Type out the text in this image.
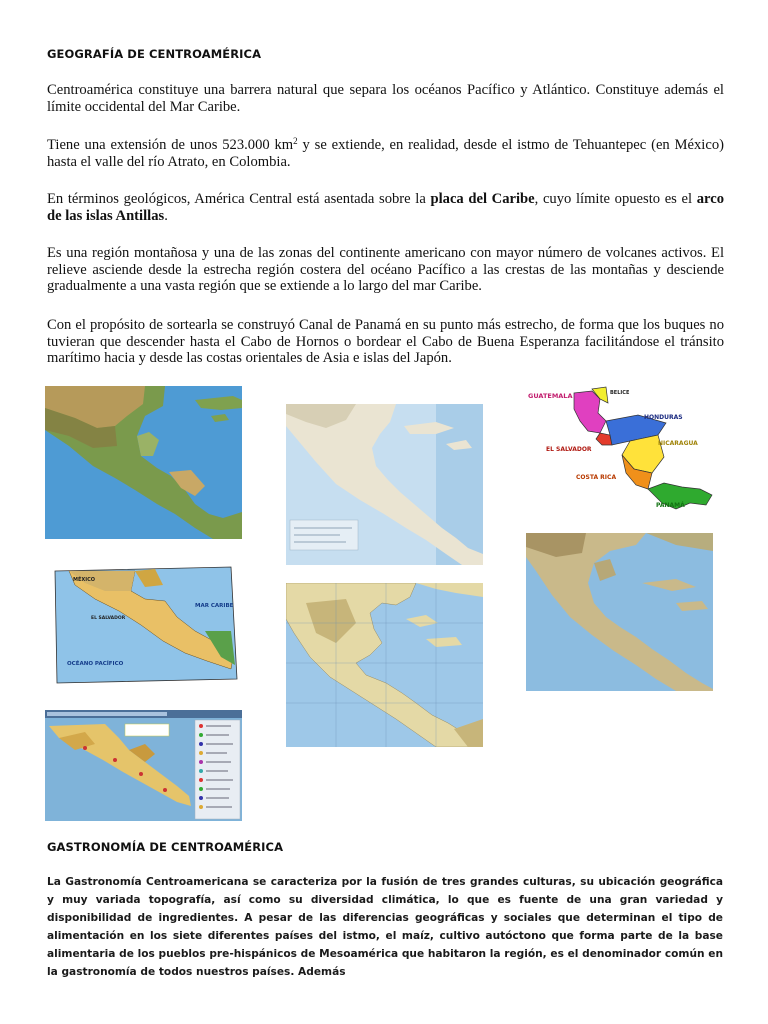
GEOGRAFÍA DE CENTROAMÉRICA
Centroamérica constituye una barrera natural que separa los océanos Pacífico y Atlántico. Constituye además el límite occidental del Mar Caribe.
Tiene una extensión de unos 523.000 $km^2$ y se extiende, en realidad, desde el istmo de Tehuantepec (en México) hasta el valle del río Atrato, en Colombia.
En términos geológicos, América Central está asentada sobre la placa del Caribe, cuyo límite opuesto es el arco de las islas Antillas.
Es una región montañosa y una de las zonas del continente americano con mayor número de volcanes activos. El relieve asciende desde la estrecha región costera del océano Pacífico a las crestas de las montañas y desciende gradualmente a una vasta región que se extiende a lo largo del mar Caribe.
Con el propósito de sortearla se construyó Canal de Panamá en su punto más estrecho, de forma que los buques no tuvieran que descender hasta el Cabo de Hornos o bordear el Cabo de Buena Esperanza facilitándose el tránsito marítimo hacia y desde las costas orientales de Asia e islas del Japón.
GUATEMALA	BELICE
HONDURAS
EL SALVADOR
NICARAGUA
COSTA RICA
PANAMÁ
MÉXICO
MAR CARIBE
OCÉANO PACÍFICO
EL SALVADOR
GASTRONOMÍA DE CENTROAMÉRICA
La Gastronomía Centroamericana se caracteriza por la fusión de tres grandes culturas, su ubicación geográfica y muy variada topografía, así como su diversidad climática, lo que es fuente de una gran variedad y disponibilidad de ingredientes. A pesar de las diferencias geográficas y sociales que determinan el tipo de alimentación en los siete diferentes países del istmo, el maíz, cultivo autóctono que forma parte de la base alimentaria de los pueblos pre-hispánicos de Mesoamérica que habitaron la región, es el denominador común en la gastronomía de todos nuestros países. Además
